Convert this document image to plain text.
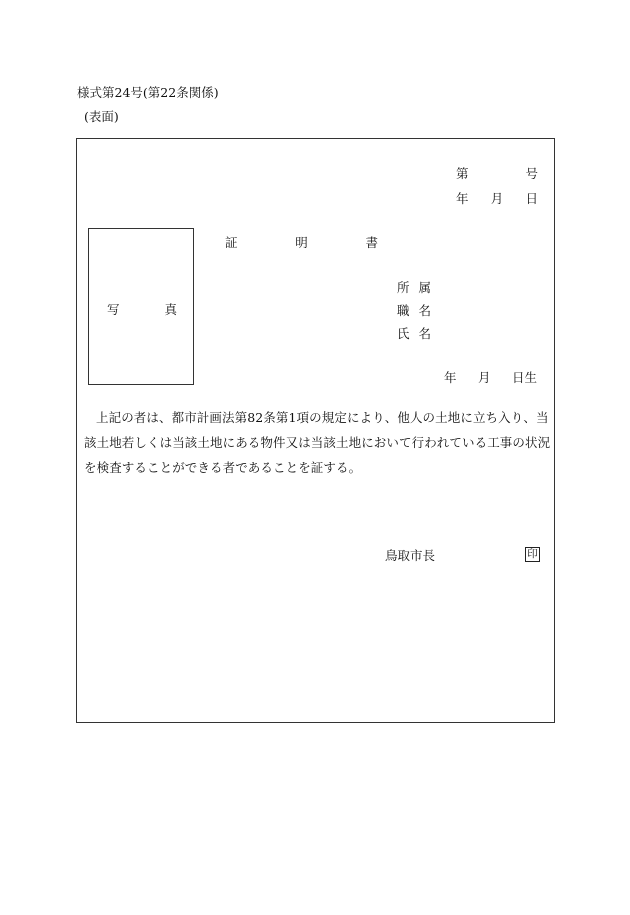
様式第24号(第22条関係)
(表面)
第	号
年 月 日
写	真
証	明	書
所 属
職 名
氏 名
年 月 日生
上記の者は、都市計画法第82条第1項の規定により、他人の土地に立ち入り、当該土地若しくは当該土地にある物件又は当該土地において行われている工事の状況を検査することができる者であることを証する。
鳥取市長	印
